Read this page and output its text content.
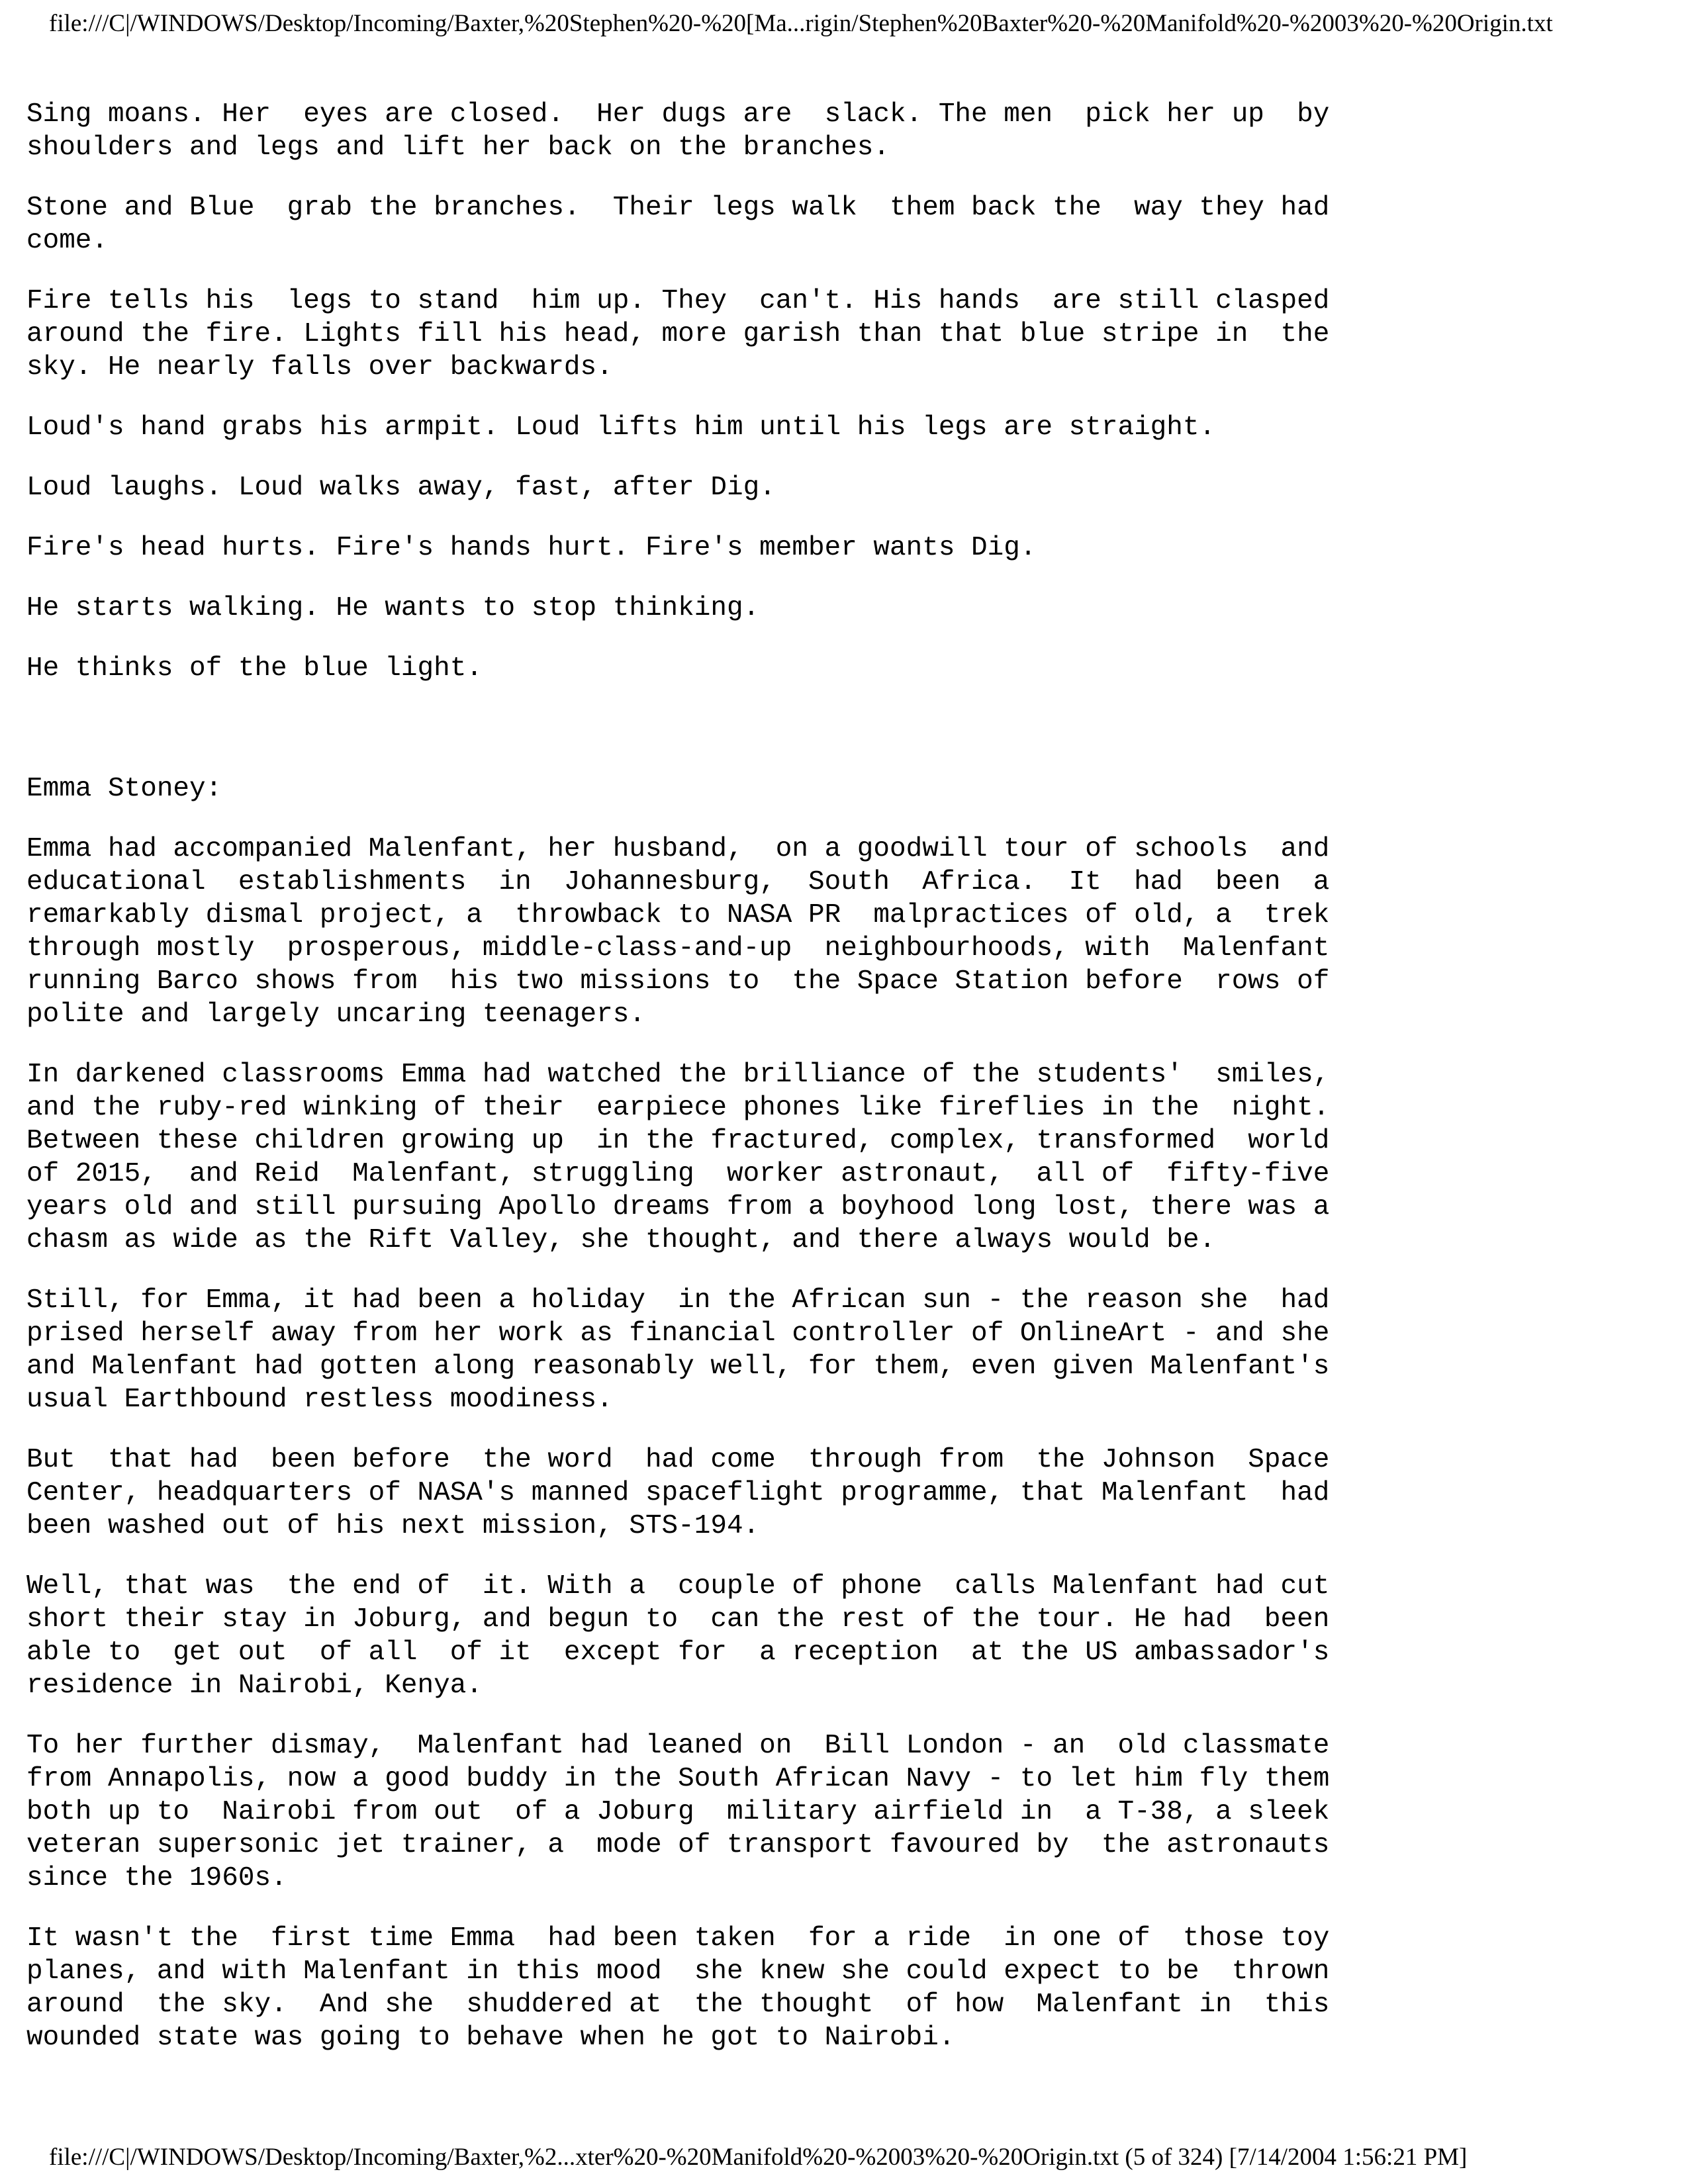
file:///C|/WINDOWS/Desktop/Incoming/Baxter,%20Stephen%20-%20[Ma...rigin/Stephen%20Baxter%20-%20Manifold%20-%2003%20-%20Origin.txt

Sing moans. Her  eyes are closed.  Her dugs are  slack. The men  pick her up  by
shoulders and legs and lift her back on the branches.

Stone and Blue  grab the branches.  Their legs walk  them back the  way they had
come.

Fire tells his  legs to stand  him up. They  can't. His hands  are still clasped
around the fire. Lights fill his head, more garish than that blue stripe in  the
sky. He nearly falls over backwards.

Loud's hand grabs his armpit. Loud lifts him until his legs are straight.

Loud laughs. Loud walks away, fast, after Dig.

Fire's head hurts. Fire's hands hurt. Fire's member wants Dig.

He starts walking. He wants to stop thinking.

He thinks of the blue light.

Emma Stoney:

Emma had accompanied Malenfant, her husband,  on a goodwill tour of schools  and
educational  establishments  in  Johannesburg,  South  Africa.  It  had  been  a
remarkably dismal project, a  throwback to NASA PR  malpractices of old, a  trek
through mostly  prosperous, middle-class-and-up  neighbourhoods, with  Malenfant
running Barco shows from  his two missions to  the Space Station before  rows of
polite and largely uncaring teenagers.

In darkened classrooms Emma had watched the brilliance of the students'  smiles,
and the ruby-red winking of their  earpiece phones like fireflies in the  night.
Between these children growing up  in the fractured, complex, transformed  world
of 2015,  and Reid  Malenfant, struggling  worker astronaut,  all of  fifty-five
years old and still pursuing Apollo dreams from a boyhood long lost, there was a
chasm as wide as the Rift Valley, she thought, and there always would be.

Still, for Emma, it had been a holiday  in the African sun - the reason she  had
prised herself away from her work as financial controller of OnlineArt - and she
and Malenfant had gotten along reasonably well, for them, even given Malenfant's
usual Earthbound restless moodiness.

But  that had  been before  the word  had come  through from  the Johnson  Space
Center, headquarters of NASA's manned spaceflight programme, that Malenfant  had
been washed out of his next mission, STS-194.

Well, that was  the end of  it. With a  couple of phone  calls Malenfant had cut
short their stay in Joburg, and begun to  can the rest of the tour. He had  been
able to  get out  of all  of it  except for  a reception  at the US ambassador's
residence in Nairobi, Kenya.

To her further dismay,  Malenfant had leaned on  Bill London - an  old classmate
from Annapolis, now a good buddy in the South African Navy - to let him fly them
both up to  Nairobi from out  of a Joburg  military airfield in  a T-38, a sleek
veteran supersonic jet trainer, a  mode of transport favoured by  the astronauts
since the 1960s.

It wasn't the  first time Emma  had been taken  for a ride  in one of  those toy
planes, and with Malenfant in this mood  she knew she could expect to be  thrown
around  the sky.  And she  shuddered at  the thought  of how  Malenfant in  this
wounded state was going to behave when he got to Nairobi.

file:///C|/WINDOWS/Desktop/Incoming/Baxter,%2...xter%20-%20Manifold%20-%2003%20-%20Origin.txt (5 of 324) [7/14/2004 1:56:21 PM]
